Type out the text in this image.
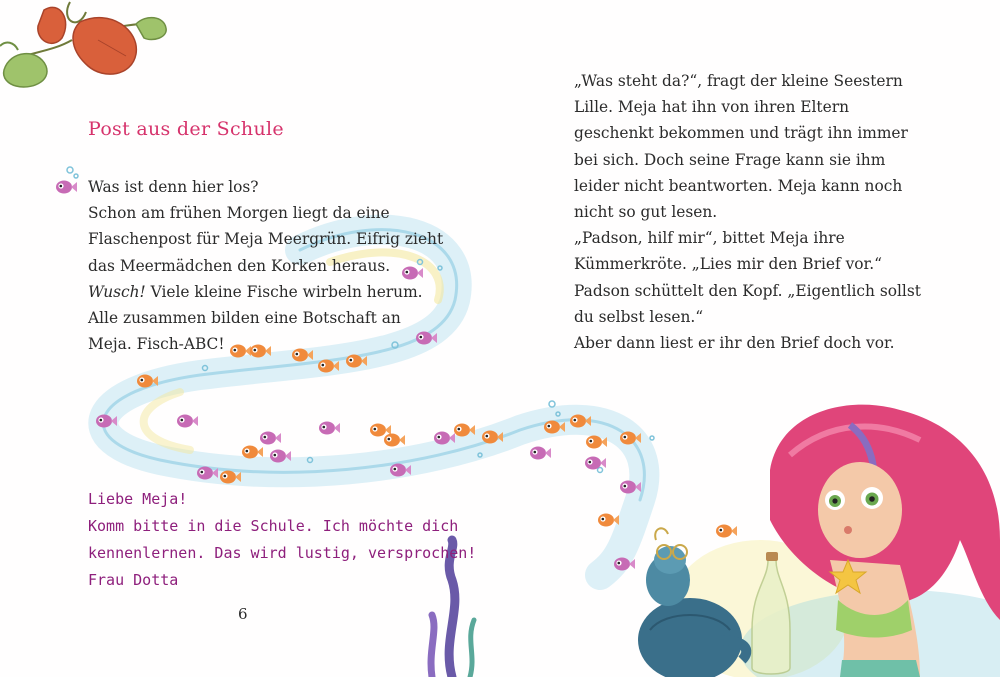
Post aus der Schule
Was ist denn hier los?
Schon am frühen Morgen liegt da eine
Flaschenpost für Meja Meergrün. Eifrig zieht
das Meermädchen den Korken heraus.
Wusch! Viele kleine Fische wirbeln herum.
Alle zusammen bilden eine Botschaft an
Meja. Fisch-ABC!
„Was steht da?“, fragt der kleine Seestern
Lille. Meja hat ihn von ihren Eltern
geschenkt bekommen und trägt ihn immer
bei sich. Doch seine Frage kann sie ihm
leider nicht beantworten. Meja kann noch
nicht so gut lesen.
„Padson, hilf mir“, bittet Meja ihre
Kümmerkröte. „Lies mir den Brief vor.“
Padson schüttelt den Kopf. „Eigentlich sollst
du selbst lesen.“
Aber dann liest er ihr den Brief doch vor.
Liebe Meja!
Komm bitte in die Schule. Ich möchte dich
kennenlernen. Das wird lustig, versprochen!
Frau Dotta
6
